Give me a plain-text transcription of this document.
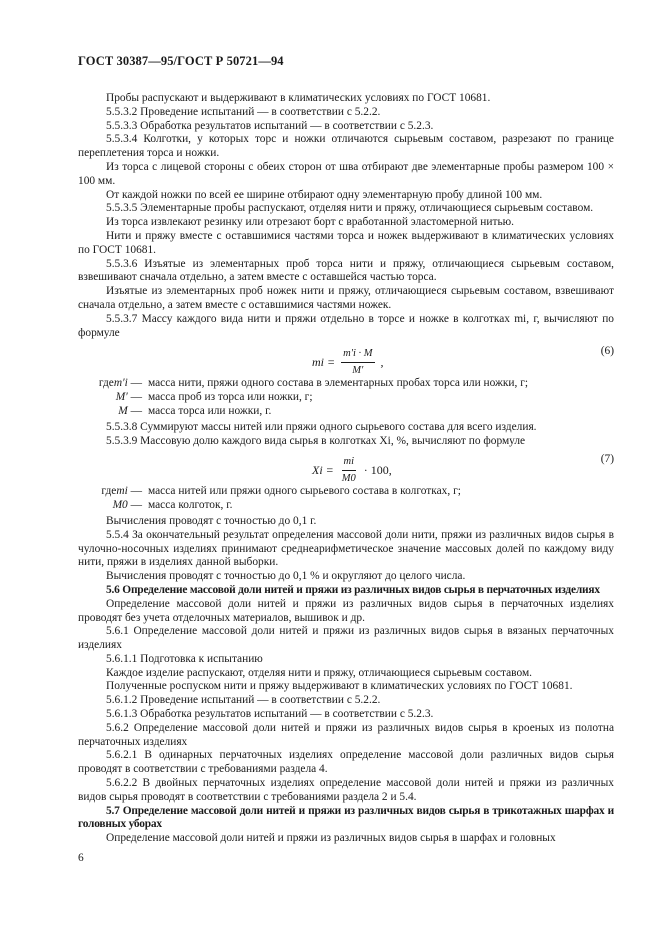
ГОСТ 30387—95/ГОСТ Р 50721—94
Пробы распускают и выдерживают в климатических условиях по ГОСТ 10681.
5.5.3.2 Проведение испытаний — в соответствии с 5.2.2.
5.5.3.3 Обработка результатов испытаний — в соответствии с 5.2.3.
5.5.3.4 Колготки, у которых торс и ножки отличаются сырьевым составом, разрезают по границе переплетения торса и ножки.
Из торса с лицевой стороны с обеих сторон от шва отбирают две элементарные пробы размером 100 × 100 мм.
От каждой ножки по всей ее ширине отбирают одну элементарную пробу длиной 100 мм.
5.5.3.5 Элементарные пробы распускают, отделяя нити и пряжу, отличающиеся сырьевым составом.
Из торса извлекают резинку или отрезают борт с вработанной эластомерной нитью.
Нити и пряжу вместе с оставшимися частями торса и ножек выдерживают в климатических условиях по ГОСТ 10681.
5.5.3.6 Изъятые из элементарных проб торса нити и пряжу, отличающиеся сырьевым составом, взвешивают сначала отдельно, а затем вместе с оставшейся частью торса.
Изъятые из элементарных проб ножек нити и пряжу, отличающиеся сырьевым составом, взвешивают сначала отдельно, а затем вместе с оставшимися частями ножек.
5.5.3.7 Массу каждого вида нити и пряжи отдельно в торсе и ножке в колготках mi, г, вычисляют по формуле
mi = $\frac{m'i \cdot M}{M'}$ ,
(6)
гдеm′i — масса нити, пряжи одного состава в элементарных пробах торса или ножки, г;
M′ — масса проб из торса или ножки, г;
M — масса торса или ножки, г.
5.5.3.8 Суммируют массы нитей или пряжи одного сырьевого состава для всего изделия.
5.5.3.9 Массовую долю каждого вида сырья в колготках Xi, %, вычисляют по формуле
$Xi = \frac{mi}{M0} \cdot 100$,
(7)
гдеmi — масса нитей или пряжи одного сырьевого состава в колготках, г;
M0 — масса колготок, г.
Вычисления проводят с точностью до 0,1 г.
5.5.4 За окончательный результат определения массовой доли нити, пряжи из различных видов сырья в чулочно-носочных изделиях принимают среднеарифметическое значение массовых долей по каждому виду нити, пряжи в изделиях данной выборки.
Вычисления проводят с точностью до 0,1 % и округляют до целого числа.
5.6 Определение массовой доли нитей и пряжи из различных видов сырья в перчаточных изделиях
Определение массовой доли нитей и пряжи из различных видов сырья в перчаточных изделиях проводят без учета отделочных материалов, вышивок и др.
5.6.1 Определение массовой доли нитей и пряжи из различных видов сырья в вязаных перчаточных изделиях
5.6.1.1 Подготовка к испытанию
Каждое изделие распускают, отделяя нити и пряжу, отличающиеся сырьевым составом.
Полученные роспуском нити и пряжу выдерживают в климатических условиях по ГОСТ 10681.
5.6.1.2 Проведение испытаний — в соответствии с 5.2.2.
5.6.1.3 Обработка результатов испытаний — в соответствии с 5.2.3.
5.6.2 Определение массовой доли нитей и пряжи из различных видов сырья в кроеных из полотна перчаточных изделиях
5.6.2.1 В одинарных перчаточных изделиях определение массовой доли различных видов сырья проводят в соответствии с требованиями раздела 4.
5.6.2.2 В двойных перчаточных изделиях определение массовой доли нитей и пряжи из различных видов сырья проводят в соответствии с требованиями раздела 2 и 5.4.
5.7 Определение массовой доли нитей и пряжи из различных видов сырья в трикотажных шарфах и головных уборах
Определение массовой доли нитей и пряжи из различных видов сырья в шарфах и головных
6
